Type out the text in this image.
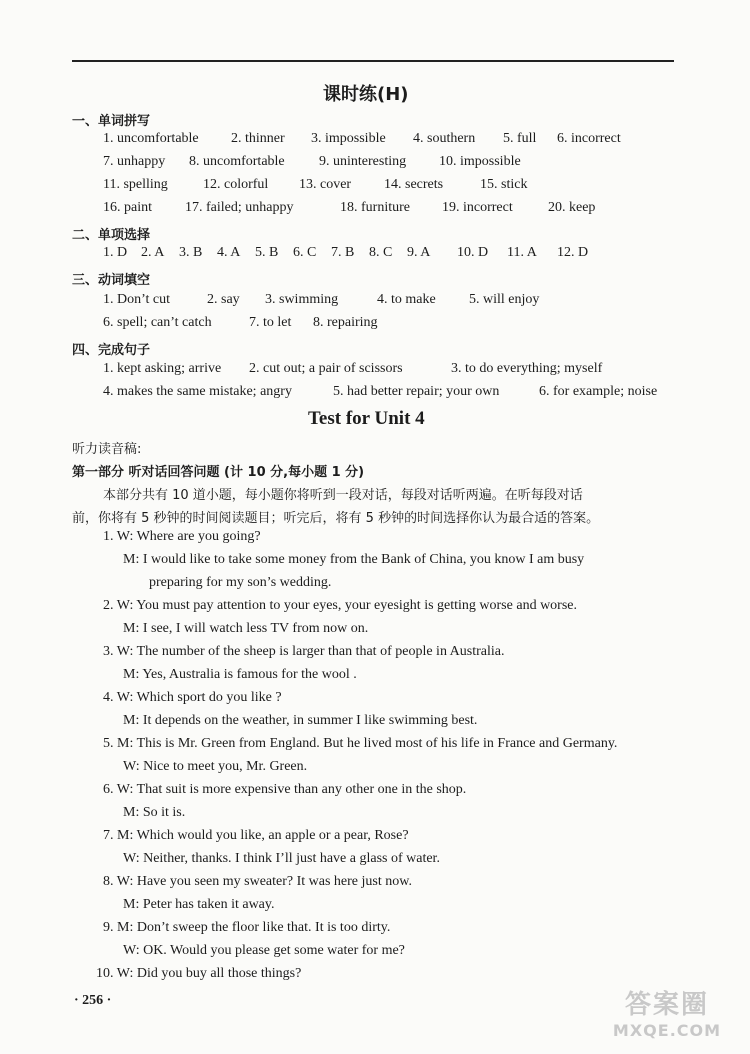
课时练(H)
一、单词拼写
1. uncomfortable	2. thinner	3. impossible	4. southern	5. full	6. incorrect
7. unhappy	8. uncomfortable	9. uninteresting	10. impossible
11. spelling	12. colorful	13. cover	14. secrets	15. stick
16. paint	17. failed; unhappy	18. furniture	19. incorrect	20. keep
二、单项选择
1. D 2. A	3. B	4. A	5. B	6. C	7. B	8. C	9. A	10. D	11. A	12. D
三、动词填空
1. Don’t cut	2. say	3. swimming	4. to make	5. will enjoy
6. spell; can’t catch	7. to let	8. repairing
四、完成句子
1. kept asking; arrive	2. cut out; a pair of scissors	3. to do everything; myself
4. makes the same mistake; angry	5. had better repair; your own	6. for example; noise
Test for Unit 4
听力读音稿:
第一部分 听对话回答问题 (计 10 分,每小题 1 分)
本部分共有 10 道小题，每小题你将听到一段对话，每段对话听两遍。在听每段对话
前，你将有 5 秒钟的时间阅读题目；听完后，将有 5 秒钟的时间选择你认为最合适的答案。
1. W: Where are you going?
M: I would like to take some money from the Bank of China, you know I am busy
preparing for my son’s wedding.
2. W: You must pay attention to your eyes, your eyesight is getting worse and worse.
M: I see, I will watch less TV from now on.
3. W: The number of the sheep is larger than that of people in Australia.
M: Yes, Australia is famous for the wool .
4. W: Which sport do you like ?
M: It depends on the weather, in summer I like swimming best.
5. M: This is Mr. Green from England. But he lived most of his life in France and Germany.
W: Nice to meet you, Mr. Green.
6. W: That suit is more expensive than any other one in the shop.
M: So it is.
7. M: Which would you like, an apple or a pear, Rose?
W: Neither, thanks. I think I’ll just have a glass of water.
8. W: Have you seen my sweater? It was here just now.
M: Peter has taken it away.
9. M: Don’t sweep the floor like that. It is too dirty.
W: OK. Would you please get some water for me?
10. W: Did you buy all those things?
· 256 ·	答案圈
MXQE.COM
